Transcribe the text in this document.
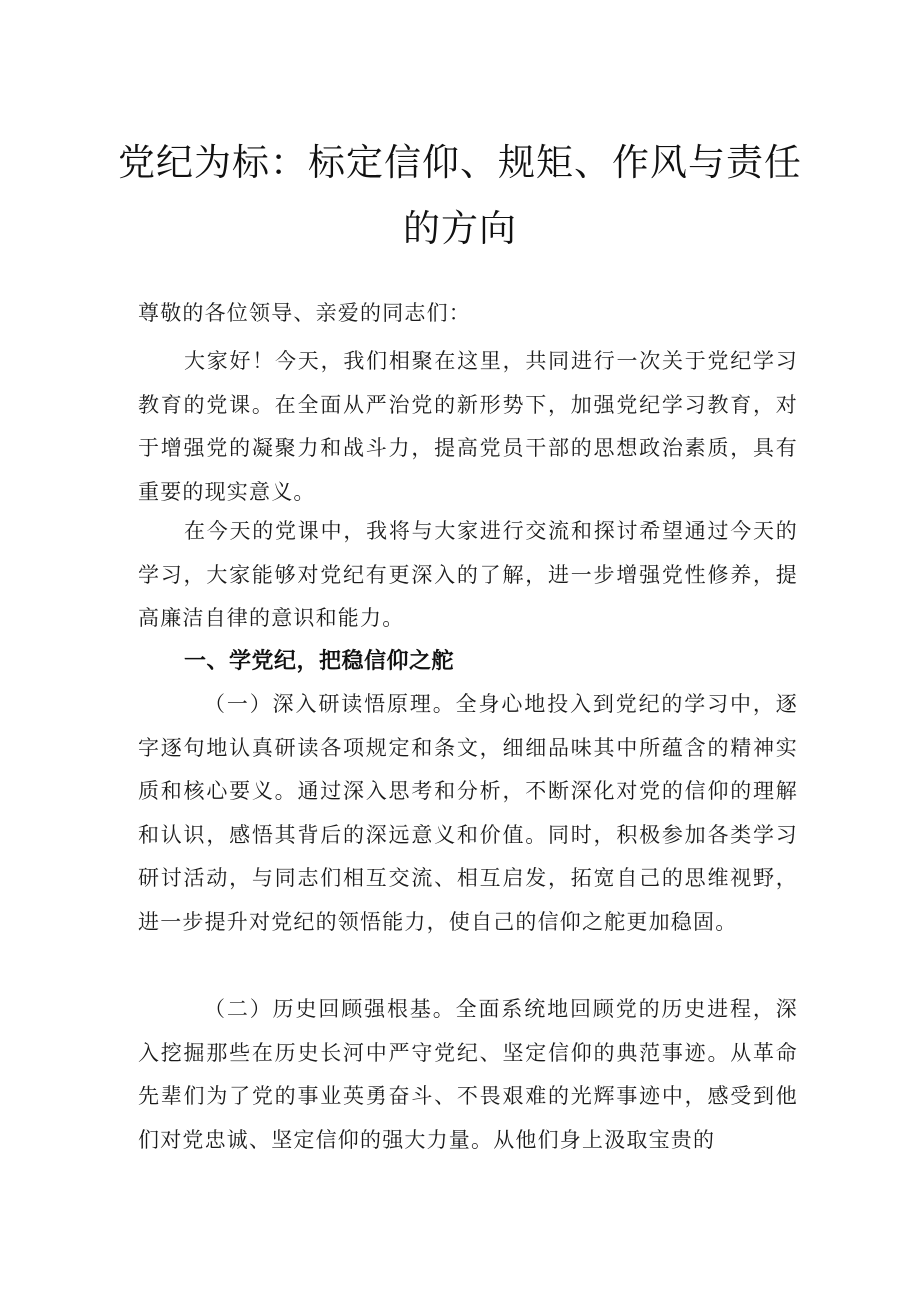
党纪为标：标定信仰、规矩、作风与责任
的方向

尊敬的各位领导、亲爱的同志们：

大家好！今天，我们相聚在这里，共同进行一次关于党纪学习教育的党课。在全面从严治党的新形势下，加强党纪学习教育，对于增强党的凝聚力和战斗力，提高党员干部的思想政治素质，具有重要的现实意义。

在今天的党课中，我将与大家进行交流和探讨希望通过今天的学习，大家能够对党纪有更深入的了解，进一步增强党性修养，提高廉洁自律的意识和能力。

一、学党纪，把稳信仰之舵

（一）深入研读悟原理。全身心地投入到党纪的学习中，逐字逐句地认真研读各项规定和条文，细细品味其中所蕴含的精神实质和核心要义。通过深入思考和分析，不断深化对党的信仰的理解和认识，感悟其背后的深远意义和价值。同时，积极参加各类学习研讨活动，与同志们相互交流、相互启发，拓宽自己的思维视野，进一步提升对党纪的领悟能力，使自己的信仰之舵更加稳固。

（二）历史回顾强根基。全面系统地回顾党的历史进程，深入挖掘那些在历史长河中严守党纪、坚定信仰的典范事迹。从革命先辈们为了党的事业英勇奋斗、不畏艰难的光辉事迹中，感受到他们对党忠诚、坚定信仰的强大力量。从他们身上汲取宝贵的
